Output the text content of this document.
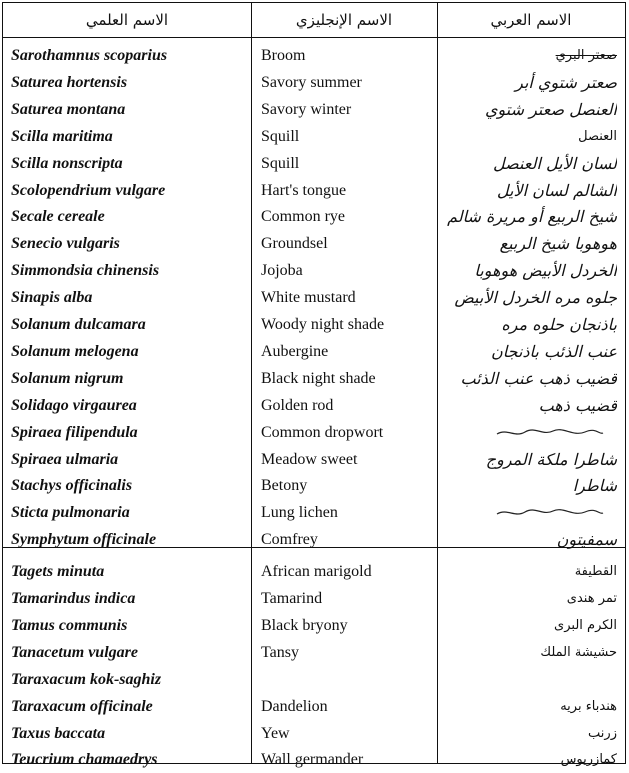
الاسم العلمي	الاسم الإنجليزي	الاسم العربي
Sarothamnus scoparius	Broom	صعتر البري
Saturea hortensis	Savory summer	صعتر شتوي أبر
Saturea montana	Savory winter	العنصل صعتر شتوي
Scilla maritima	Squill	العنصل
Scilla nonscripta	Squill	لسان الأيل العنصل
Scolopendrium vulgare	Hart's tongue	الشالم لسان الأيل
Secale cereale	Common rye	شيخ الربيع أو مريرة شالم
Senecio vulgaris	Groundsel	هوهوبا شيخ الربيع
Simmondsia chinensis	Jojoba	الخردل الأبيض هوهوبا
Sinapis alba	White mustard	جلوه مره الخردل الأبيض
Solanum dulcamara	Woody night shade	باذنجان حلوه مره
Solanum melogena	Aubergine	عنب الذئب باذنجان
Solanum nigrum	Black night shade	قضيب ذهب عنب الذئب
Solidago virgaurea	Golden rod	قضيب ذهب
Spiraea filipendula	Common dropwort
Spiraea ulmaria	Meadow sweet	شاطرا ملكة المروج
Stachys officinalis	Betony	شاطرا
Sticta pulmonaria	Lung lichen
Symphytum officinale	Comfrey	سمفيتون
Tagets minuta	African marigold	القطيفة
Tamarindus indica	Tamarind	تمر هندى
Tamus communis	Black bryony	الكرم البرى
Tanacetum vulgare	Tansy	حشيشة الملك
Taraxacum kok-saghiz
Taraxacum officinale	Dandelion	هندباء بريه
Taxus baccata	Yew	زرنب
Teucrium chamaedrys	Wall germander	كمازريوس
